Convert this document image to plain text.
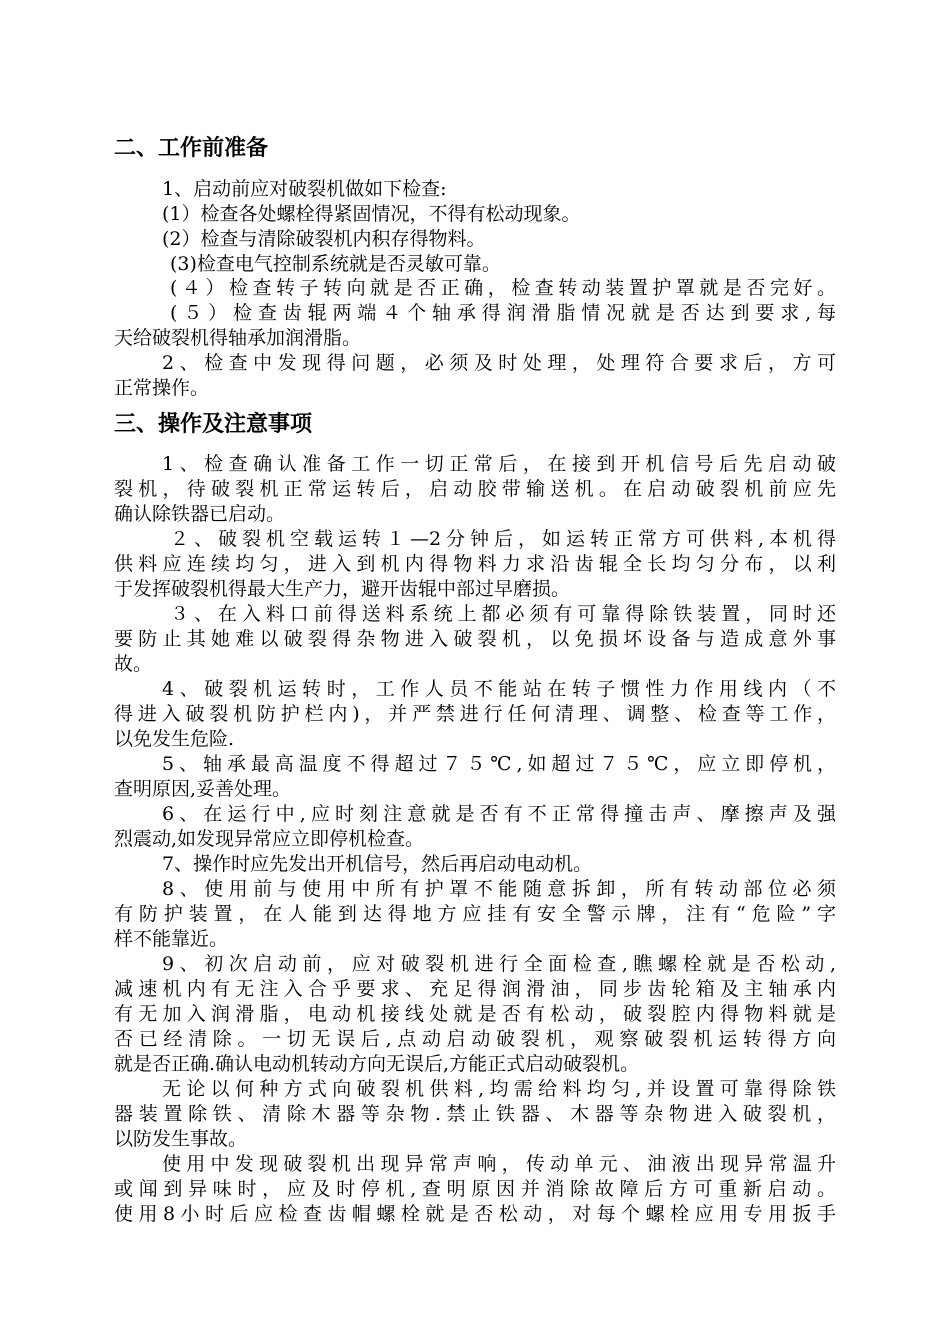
二、工作前准备
1、启动前应对破裂机做如下检查:
(1）检查各处螺栓得紧固情况，不得有松动现象。
(2）检查与清除破裂机内积存得物料。
(3)检查电气控制系统就是否灵敏可靠。
(４）检查转子转向就是否正确，检查转动装置护罩就是否完好。
(５）检查齿辊两端４个轴承得润滑脂情况就是否达到要求,每
天给破裂机得轴承加润滑脂。
2、检查中发现得问题，必须及时处理，处理符合要求后，方可
正常操作。
三、操作及注意事项
1、检查确认准备工作一切正常后，在接到开机信号后先启动破
裂机，待破裂机正常运转后，启动胶带输送机。在启动破裂机前应先
确认除铁器已启动。
２、破裂机空载运转１—2分钟后，如运转正常方可供料,本机得
供料应连续均匀，进入到机内得物料力求沿齿辊全长均匀分布，以利
于发挥破裂机得最大生产力，避开齿辊中部过早磨损。
３、在入料口前得送料系统上都必须有可靠得除铁装置，同时还
要防止其她难以破裂得杂物进入破裂机，以免损坏设备与造成意外事
故。
4、破裂机运转时，工作人员不能站在转子惯性力作用线内（不
得进入破裂机防护栏内)，并严禁进行任何清理、调整、检查等工作，
以免发生危险.
5、轴承最高温度不得超过７５℃,如超过７５℃，应立即停机，
查明原因,妥善处理。
6、在运行中,应时刻注意就是否有不正常得撞击声、摩擦声及强
烈震动,如发现异常应立即停机检查。
7、操作时应先发出开机信号，然后再启动电动机。
8、使用前与使用中所有护罩不能随意拆卸，所有转动部位必须
有防护装置，在人能到达得地方应挂有安全警示牌，注有“危险”字
样不能靠近。
9、初次启动前，应对破裂机进行全面检查,瞧螺栓就是否松动,
减速机内有无注入合乎要求、充足得润滑油，同步齿轮箱及主轴承内
有无加入润滑脂，电动机接线处就是否有松动，破裂腔内得物料就是
否已经清除。一切无误后,点动启动破裂机，观察破裂机运转得方向
就是否正确.确认电动机转动方向无误后,方能正式启动破裂机。
无论以何种方式向破裂机供料,均需给料均匀,并设置可靠得除铁
器装置除铁、清除木器等杂物.禁止铁器、木器等杂物进入破裂机，
以防发生事故。
使用中发现破裂机出现异常声响，传动单元、油液出现异常温升
或闻到异味时，应及时停机,查明原因并消除故障后方可重新启动。
使用8小时后应检查齿帽螺栓就是否松动，对每个螺栓应用专用扳手
